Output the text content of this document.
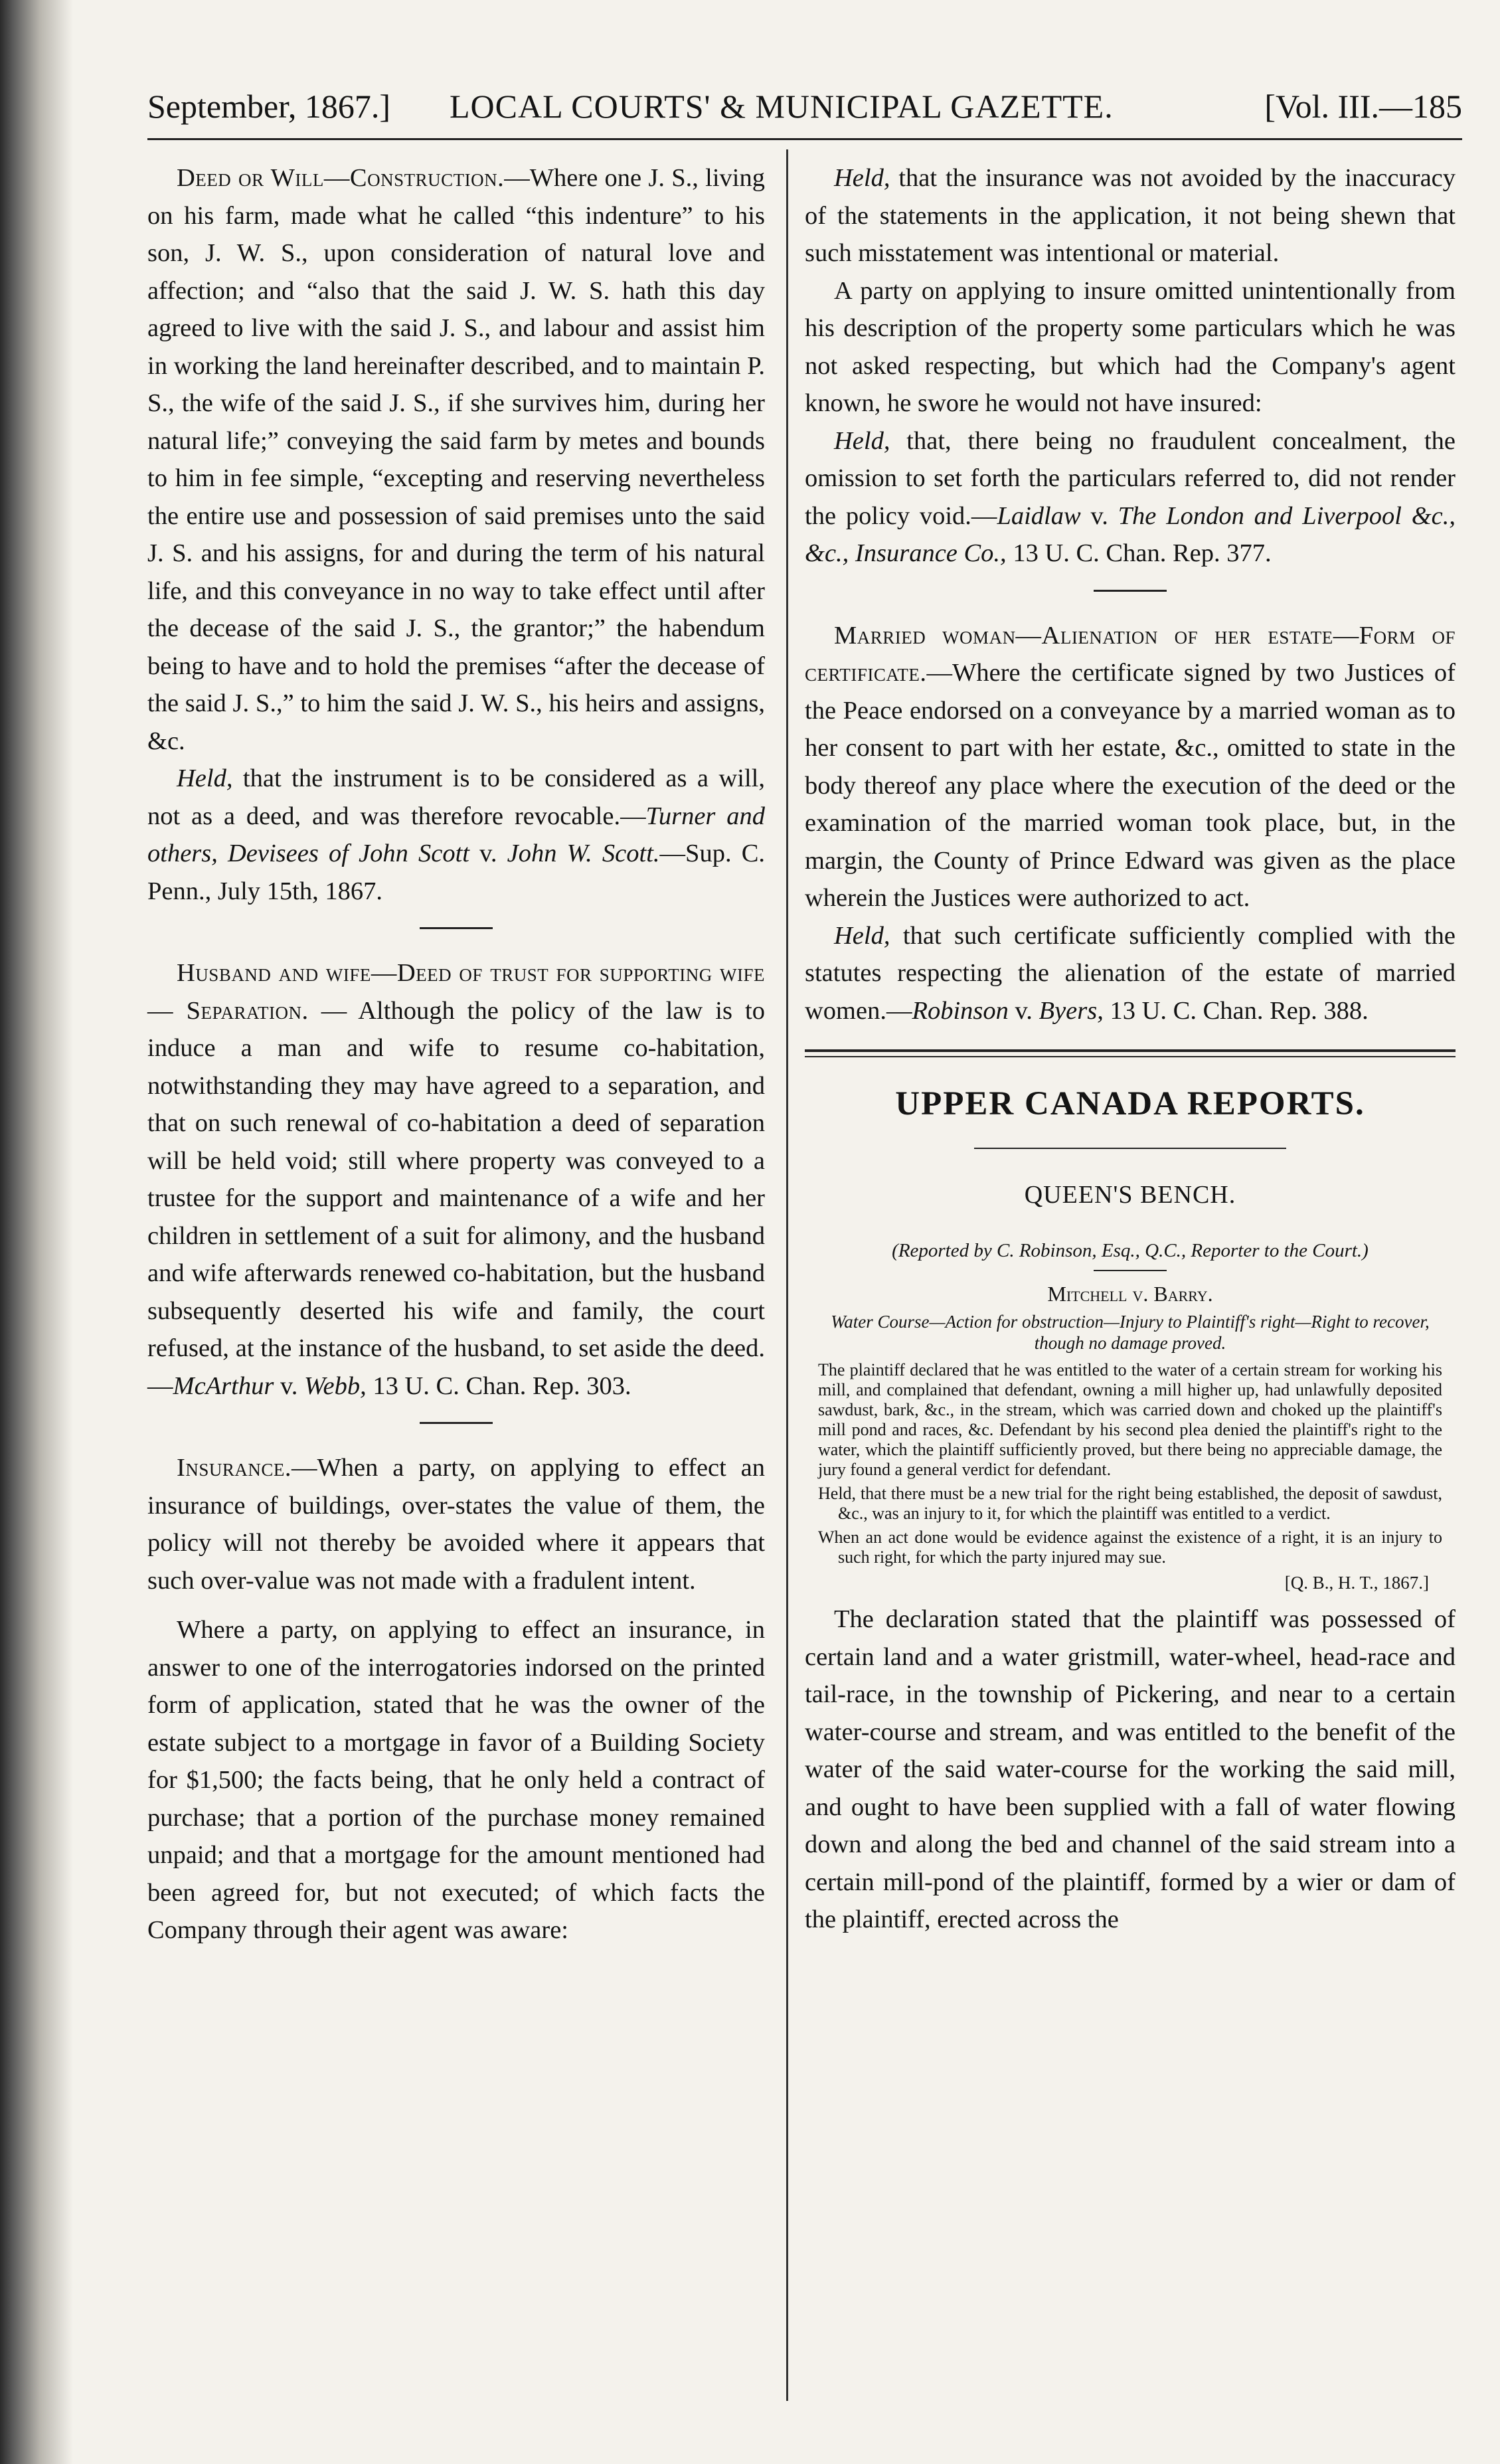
September, 1867.] LOCAL COURTS' & MUNICIPAL GAZETTE.	[Vol. III.—185

Deed or Will—Construction.—Where one J. S., living on his farm, made what he called “this indenture” to his son, J. W. S., upon consideration of natural love and affection; and “also that the said J. W. S. hath this day agreed to live with the said J. S., and labour and assist him in working the land hereinafter described, and to maintain P. S., the wife of the said J. S., if she survives him, during her natural life;” conveying the said farm by metes and bounds to him in fee simple, “excepting and reserving nevertheless the entire use and possession of said premises unto the said J. S. and his assigns, for and during the term of his natural life, and this conveyance in no way to take effect until after the decease of the said J. S., the grantor;” the habendum being to have and to hold the premises “after the decease of the said J. S.,” to him the said J. W. S., his heirs and assigns, &c.

Held, that the instrument is to be considered as a will, not as a deed, and was therefore revocable.—Turner and others, Devisees of John Scott v. John W. Scott.—Sup. C. Penn., July 15th, 1867.

Husband and wife—Deed of trust for supporting wife — Separation. — Although the policy of the law is to induce a man and wife to resume co-habitation, notwithstanding they may have agreed to a separation, and that on such renewal of co-habitation a deed of separation will be held void; still where property was conveyed to a trustee for the support and maintenance of a wife and her children in settlement of a suit for alimony, and the husband and wife afterwards renewed co-habitation, but the husband subsequently deserted his wife and family, the court refused, at the instance of the husband, to set aside the deed.—McArthur v. Webb, 13 U. C. Chan. Rep. 303.

Insurance.—When a party, on applying to effect an insurance of buildings, over-states the value of them, the policy will not thereby be avoided where it appears that such over-value was not made with a fradulent intent.

Where a party, on applying to effect an insurance, in answer to one of the interrogatories indorsed on the printed form of application, stated that he was the owner of the estate subject to a mortgage in favor of a Building Society for $1,500; the facts being, that he only held a contract of purchase; that a portion of the purchase money remained unpaid; and that a mortgage for the amount mentioned had been agreed for, but not executed; of which facts the Company through their agent was aware:

Held, that the insurance was not avoided by the inaccuracy of the statements in the application, it not being shewn that such misstatement was intentional or material.

A party on applying to insure omitted unintentionally from his description of the property some particulars which he was not asked respecting, but which had the Company's agent known, he swore he would not have insured:

Held, that, there being no fraudulent concealment, the omission to set forth the particulars referred to, did not render the policy void.—Laidlaw v. The London and Liverpool &c., &c., Insurance Co., 13 U. C. Chan. Rep. 377.

Married woman—Alienation of her estate—Form of certificate.—Where the certificate signed by two Justices of the Peace endorsed on a conveyance by a married woman as to her consent to part with her estate, &c., omitted to state in the body thereof any place where the execution of the deed or the examination of the married woman took place, but, in the margin, the County of Prince Edward was given as the place wherein the Justices were authorized to act.

Held, that such certificate sufficiently complied with the statutes respecting the alienation of the estate of married women.—Robinson v. Byers, 13 U. C. Chan. Rep. 388.

UPPER CANADA REPORTS.
QUEEN'S BENCH.
(Reported by C. Robinson, Esq., Q.C., Reporter to the Court.)
Mitchell v. Barry.
Water Course—Action for obstruction—Injury to Plaintiff's right—Right to recover, though no damage proved.
The plaintiff declared that he was entitled to the water of a certain stream for working his mill, and complained that defendant, owning a mill higher up, had unlawfully deposited sawdust, bark, &c., in the stream, which was carried down and choked up the plaintiff's mill pond and races, &c. Defendant by his second plea denied the plaintiff's right to the water, which the plaintiff sufficiently proved, but there being no appreciable damage, the jury found a general verdict for defendant.
Held, that there must be a new trial for the right being established, the deposit of sawdust, &c., was an injury to it, for which the plaintiff was entitled to a verdict.
When an act done would be evidence against the existence of a right, it is an injury to such right, for which the party injured may sue.
[Q. B., H. T., 1867.]

The declaration stated that the plaintiff was possessed of certain land and a water gristmill, water-wheel, head-race and tail-race, in the township of Pickering, and near to a certain water-course and stream, and was entitled to the benefit of the water of the said water-course for the working the said mill, and ought to have been supplied with a fall of water flowing down and along the bed and channel of the said stream into a certain mill-pond of the plaintiff, formed by a wier or dam of the plaintiff, erected across the
